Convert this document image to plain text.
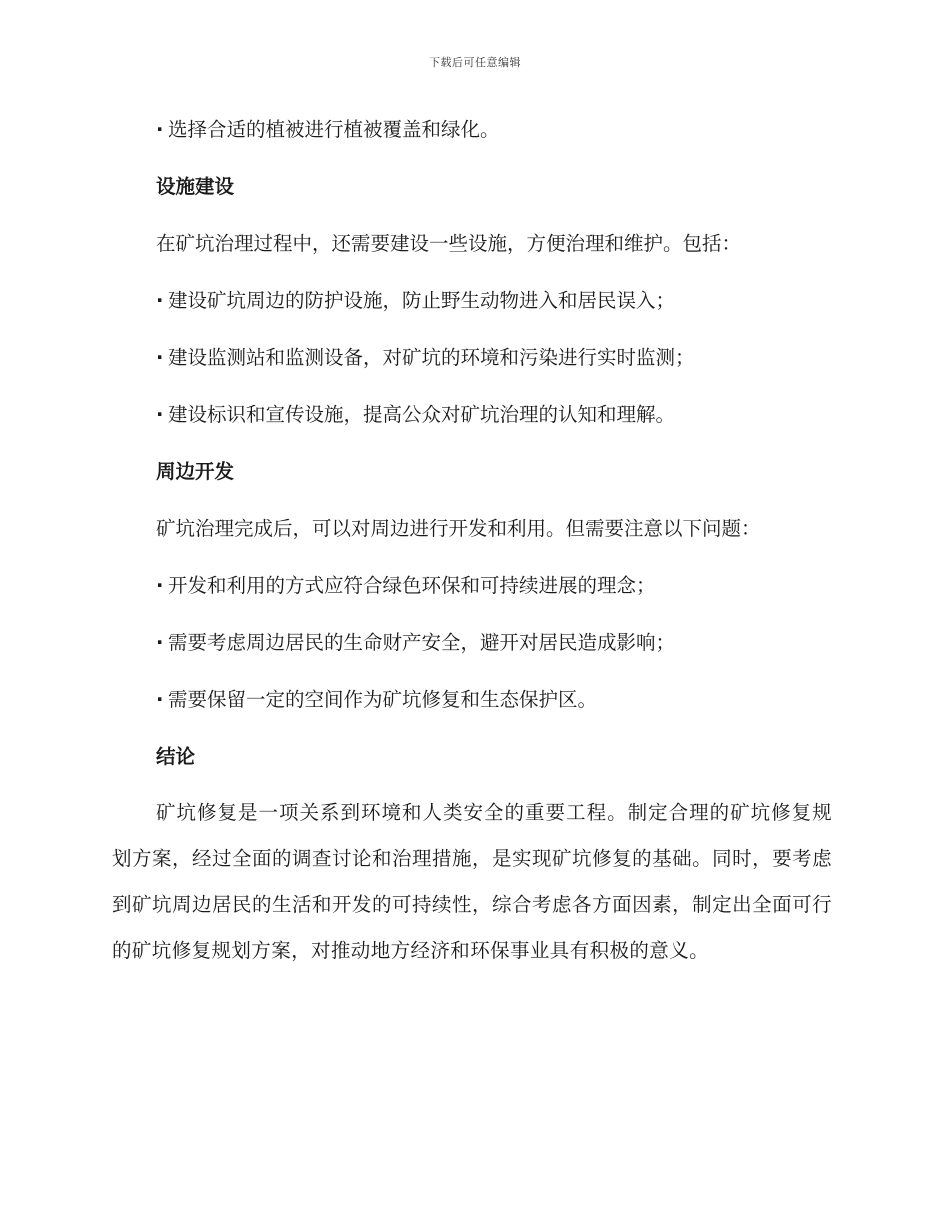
下载后可任意编辑
· 选择合适的植被进行植被覆盖和绿化。
设施建设
在矿坑治理过程中，还需要建设一些设施，方便治理和维护。包括：
· 建设矿坑周边的防护设施，防止野生动物进入和居民误入；
· 建设监测站和监测设备，对矿坑的环境和污染进行实时监测；
· 建设标识和宣传设施，提高公众对矿坑治理的认知和理解。
周边开发
矿坑治理完成后，可以对周边进行开发和利用。但需要注意以下问题：
· 开发和利用的方式应符合绿色环保和可持续进展的理念；
· 需要考虑周边居民的生命财产安全，避开对居民造成影响；
· 需要保留一定的空间作为矿坑修复和生态保护区。
结论

矿坑修复是一项关系到环境和人类安全的重要工程。制定合理的矿坑修复规划方案，经过全面的调查讨论和治理措施，是实现矿坑修复的基础。同时，要考虑到矿坑周边居民的生活和开发的可持续性，综合考虑各方面因素，制定出全面可行的矿坑修复规划方案，对推动地方经济和环保事业具有积极的意义。
